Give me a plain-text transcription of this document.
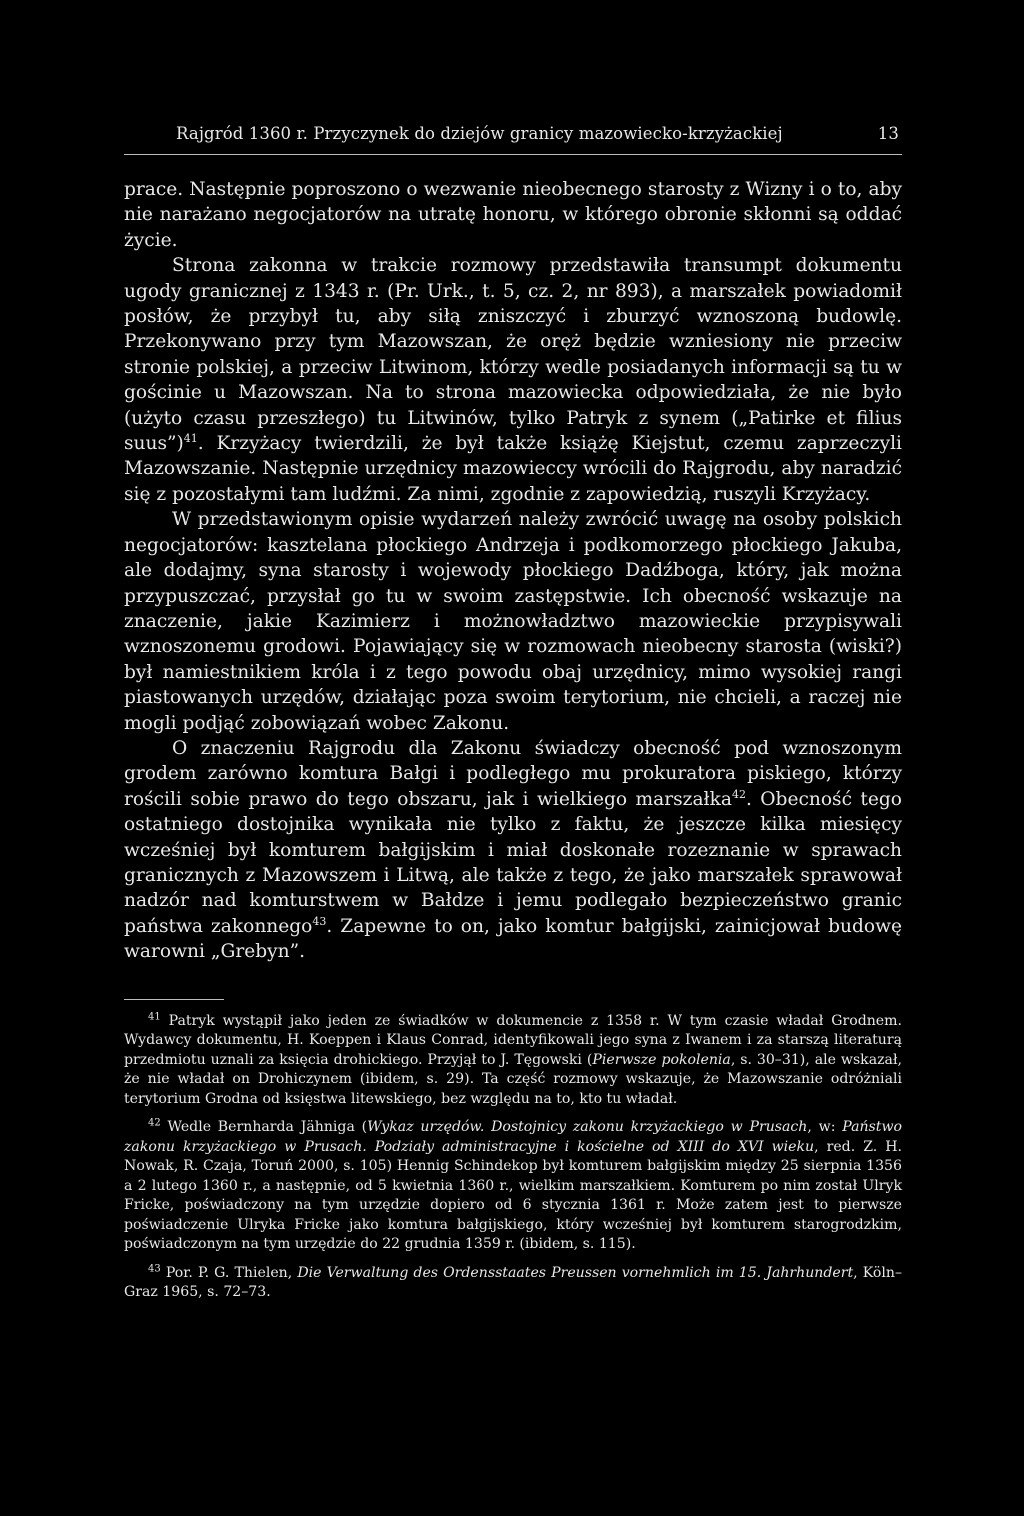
Rajgród 1360 r. Przyczynek do dziejów granicy mazowiecko-krzyżackiej	13

prace. Następnie poproszono o wezwanie nieobecnego starosty z Wizny i o to, aby nie narażano negocjatorów na utratę honoru, w którego obronie skłonni są oddać życie.

Strona zakonna w trakcie rozmowy przedstawiła transumpt dokumentu ugody granicznej z 1343 r. (Pr. Urk., t. 5, cz. 2, nr 893), a marszałek powiadomił posłów, że przybył tu, aby siłą zniszczyć i zburzyć wznoszoną budowlę. Przekonywano przy tym Mazowszan, że oręż będzie wzniesiony nie przeciw stronie polskiej, a przeciw Litwinom, którzy wedle posiadanych informacji są tu w gościnie u Mazowszan. Na to strona mazowiecka odpowiedziała, że nie było (użyto czasu przeszłego) tu Litwinów, tylko Patryk z synem („Patirke et filius suus”)$^{41}$. Krzyżacy twierdzili, że był także książę Kiejstut, czemu zaprzeczyli Mazowszanie. Następnie urzędnicy mazowieccy wrócili do Rajgrodu, aby naradzić się z pozostałymi tam ludźmi. Za nimi, zgodnie z zapowiedzią, ruszyli Krzyżacy.

W przedstawionym opisie wydarzeń należy zwrócić uwagę na osoby polskich negocjatorów: kasztelana płockiego Andrzeja i podkomorzego płockiego Jakuba, ale dodajmy, syna starosty i wojewody płockiego Dadźboga, który, jak można przypuszczać, przysłał go tu w swoim zastępstwie. Ich obecność wskazuje na znaczenie, jakie Kazimierz i możnowładztwo mazowieckie przypisywali wznoszonemu grodowi. Pojawiający się w rozmowach nieobecny starosta (wiski?) był namiestnikiem króla i z tego powodu obaj urzędnicy, mimo wysokiej rangi piastowanych urzędów, działając poza swoim terytorium, nie chcieli, a raczej nie mogli podjąć zobowiązań wobec Zakonu.

O znaczeniu Rajgrodu dla Zakonu świadczy obecność pod wznoszonym grodem zarówno komtura Bałgi i podległego mu prokuratora piskiego, którzy rościli sobie prawo do tego obszaru, jak i wielkiego marszałka$^{42}$. Obecność tego ostatniego dostojnika wynikała nie tylko z faktu, że jeszcze kilka miesięcy wcześniej był komturem bałgijskim i miał doskonałe rozeznanie w sprawach granicznych z Mazowszem i Litwą, ale także z tego, że jako marszałek sprawował nadzór nad komturstwem w Bałdze i jemu podlegało bezpieczeństwo granic państwa zakonnego$^{43}$. Zapewne to on, jako komtur bałgijski, zainicjował budowę warowni „Grebyn”.

$^{41}$ Patryk wystąpił jako jeden ze świadków w dokumencie z 1358 r. W tym czasie władał Grodnem. Wydawcy dokumentu, H. Koeppen i Klaus Conrad, identyfikowali jego syna z Iwanem i za starszą literaturą przedmiotu uznali za księcia drohickiego. Przyjął to J. Tęgowski (Pierwsze pokolenia, s. 30–31), ale wskazał, że nie władał on Drohiczynem (ibidem, s. 29). Ta część rozmowy wskazuje, że Mazowszanie odróżniali terytorium Grodna od księstwa litewskiego, bez względu na to, kto tu władał.

$^{42}$ Wedle Bernharda Jähniga (Wykaz urzędów. Dostojnicy zakonu krzyżackiego w Prusach, w: Państwo zakonu krzyżackiego w Prusach. Podziały administracyjne i kościelne od XIII do XVI wieku, red. Z. H. Nowak, R. Czaja, Toruń 2000, s. 105) Hennig Schindekop był komturem bałgijskim między 25 sierpnia 1356 a 2 lutego 1360 r., a następnie, od 5 kwietnia 1360 r., wielkim marszałkiem. Komturem po nim został Ulryk Fricke, poświadczony na tym urzędzie dopiero od 6 stycznia 1361 r. Może zatem jest to pierwsze poświadczenie Ulryka Fricke jako komtura bałgijskiego, który wcześniej był komturem starogrodzkim, poświadczonym na tym urzędzie do 22 grudnia 1359 r. (ibidem, s. 115).

$^{43}$ Por. P. G. Thielen, Die Verwaltung des Ordensstaates Preussen vornehmlich im 15. Jahrhundert, Köln–Graz 1965, s. 72–73.
